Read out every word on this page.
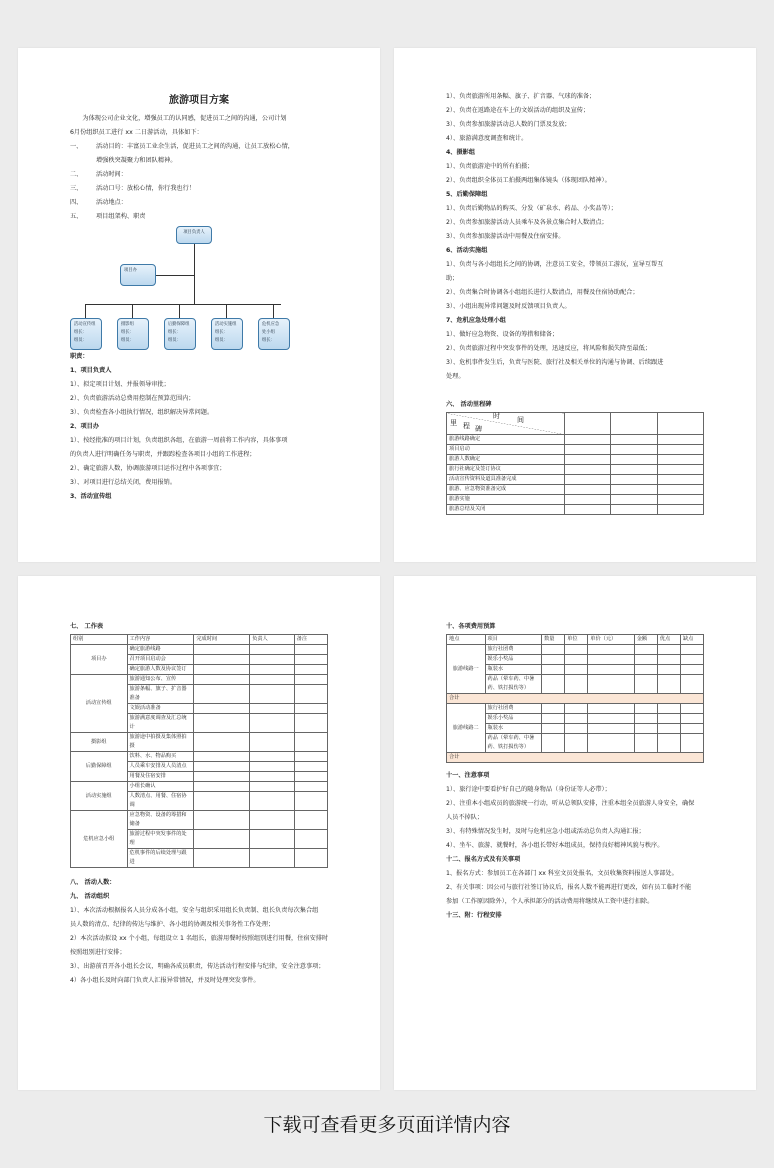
旅游项目方案
为体现公司企业文化，增强员工的认同感，促进员工之间的沟通，公司计划
6月份组织员工进行 xx 二日游活动，具体如下：
一、	活动目的：丰富员工业余生活，促进员工之间的沟通，让员工放松心情，
增强秩突凝聚力和团队精神。
二、	活动时间：
三、	活动口号：放松心情，你行我也行！
四、	活动地点：
五、	项目组架构、职责
项目负责人
项目办
活动宣传组
组长：
组员：
摄影组
组长：
组员：
后勤保障组
组长：
组员：
活动实施组
组长：
组员：
危机应急
处小组
组长：
职责：
1、项目负责人
1）、拟定项目计划、并报领导审批；
2）、负责旅游活动总费用控制在预算范围内；
3）、负责检查各小组执行情况，组织解决异常问题。
2、项目办
1）、按经批准的项目计划，负责组织各组，在旅游一周前将工作内容，具体事项
的负责人进行明确任务与职责，并跟踪检查各项目小组的工作进程；
2）、确定旅游人数，协调旅游项目运作过程中各项事宜；
3）、对项目进行总结关闭，费用报销。
3、活动宣传组
1）、负责旅游所用条幅、旗子、扩音器、气球的准备；
2）、负责在返路途在车上的文娱活动的组织及宣传；
3）、负责参加旅游活动总人数的门票及发放；
4）、旅游满意度调查和统计。
4、摄影组
1）、负责旅游途中的所有拍摄；
2）、负责组织全体员工拍摄两组集体镜头（体现团队精神）。
5、后勤保障组
1）、负责后勤物品的购买、分发（矿泉水、药品、小奖品等）；
2）、负责参加旅游活动人员乘车及各景点集合时人数清点；
3）、负责参加旅游活动中用餐及住宿安排。
6、活动实施组
1）、负责与各小组组长之间的协调，注意员工安全，带领员工游玩，宣导互帮互
助；
2）、负责集合时协调各小组组长进行人数清点，用餐及住宿协助配合；
3）、小组出现异常问题及时反馈项目负责人。
7、危机应急处理小组
1）、做好应急物资、设备的筹措和储备；
2）、负责旅游过程中突发事件的处理，迅速反应，将风险和损失降至最低；
3）、危机事件发生后，负责与医院、旅行社及相关单位的沟通与协调、后续跟进
处理。
六、 活动里程碑
里 程 碑
时 间			

旅游线路确定			
项目启动			
旅游人数确定			
旅行社确定及签订协议			
活动宣传资料及道具准备完成			
旅游、应急物资准备完成			
旅游实施			
旅游总结及关闭			
七、 工作表
组别	工作内容	完成时间	负责人	备注
项目办	确定旅游线路			
	召开项目启动会			
	确定旅游人数及协议签订			
活动宣传组	旅游通知公布、宣传			
	旅游条幅、旗子、扩音器准备			
	文娱活动准备			
	旅游满意度调查及汇总统计			
摄影组	旅游途中拍摄及集体照拍摄			
后勤保障组	饮料、水、物品购买			
	人员乘车安排及人员清点			
	用餐及住宿安排			
活动实施组	小组长确认			
	人数清点、用餐、住宿协调			
危机应急小组	应急物资、设备的筹措和储备			
	旅游过程中突发事件的处理			
	危机事件的后续处理与跟进			
八、 活动人数：
九、 活动组织
1）、本次活动根据报名人员分成各小组，安全与组织采用组长负责制、组长负责每次集合组
员人数的清点、纪律的传达与维护、各小组的协调及相关事务性工作处理；
2）本次活动拟设 xx 个小组，每组设立 1 名组长，旅游用餐时按照组别进行用餐，住宿安排时
按照组别进行安排；
3）、出游前召开各小组长会议，明确各成员职责，传达活动行程安排与纪律，安全注意事项；
4）各小组长及时向部门负责人汇报异常情况，并及时处理突发事件。
十、各项费用预算
地点	项目	数量	单位	单价（元）	金额	优点	缺点
旅游线路一	旅行社团费						
	娱乐小奖品						
	瓶装水						
	药品（晕车药、中暑药、铁打损伤等）						
合计							
旅游线路二	旅行社团费						
	娱乐小奖品						
	瓶装水						
	药品（晕车药、中暑药、铁打损伤等）						
合计							
十一、注意事项
1）、旅行途中要看护好自己的随身物品（身份证等人必带）；
2）、注重本小组成员的旅游统一行动，听从总领队安排，注重本组全员旅游人身安全，确保
人员不掉队；
3）、有特殊情况发生时，及时与危机应急小组或活动总负责人沟通汇报；
4）、坐车、旅游、就餐时，各小组长带好本组成员，保持良好精神风貌与秩序。
十二、报名方式及有关事项
1、报名方式：参加员工在各部门 xx 科室文员处报名，文员收集资料报送人事部处。
2、有关事项：因公司与旅行社签订协议后，报名人数不能再进行更改，如有员工临时不能
参加（工作原因除外），个人承担部分的活动费用将继续从工资中进行扣除。
十三、附：行程安排
下载可查看更多页面详情内容
